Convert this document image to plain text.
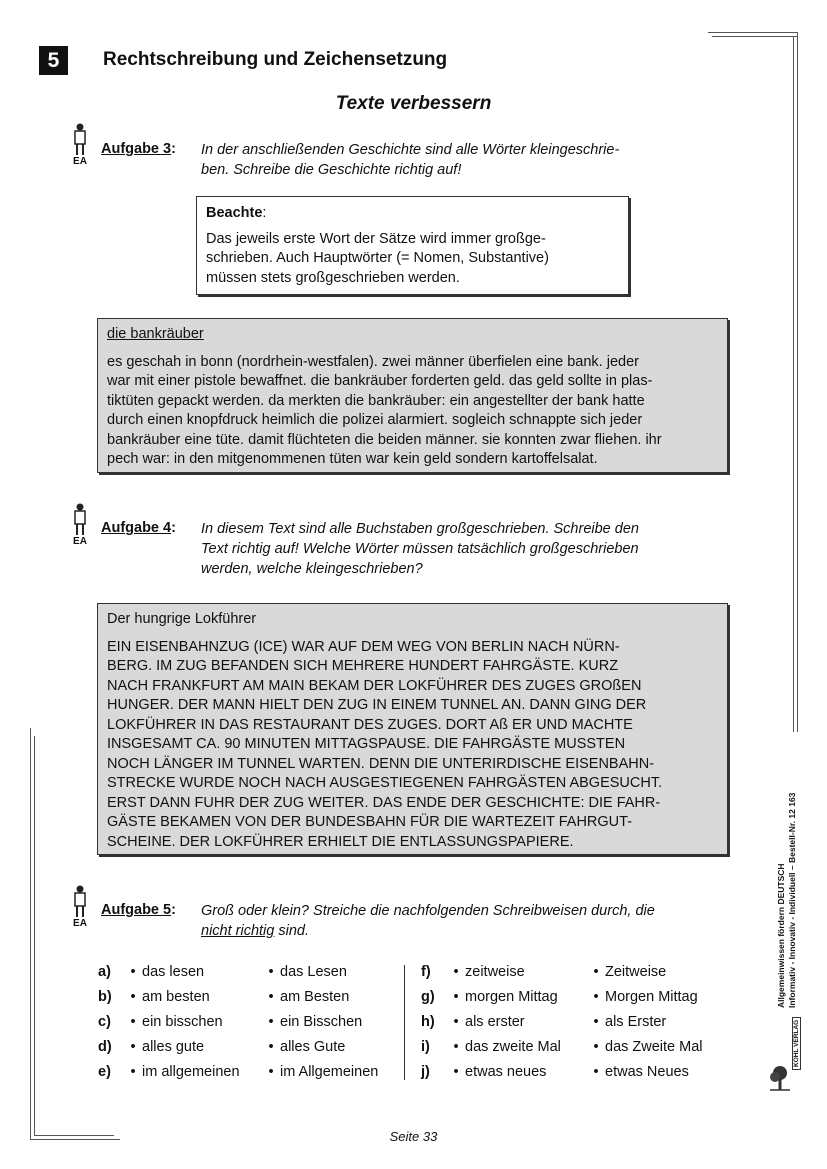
5 Rechtschreibung und Zeichensetzung
Texte verbessern
EA
Aufgabe 3: In der anschließenden Geschichte sind alle Wörter kleingeschrie-
ben. Schreibe die Geschichte richtig auf!
Beachte:
Das jeweils erste Wort der Sätze wird immer großge-
schrieben. Auch Hauptwörter (= Nomen, Substantive)
müssen stets großgeschrieben werden.
die bankräuber
es geschah in bonn (nordrhein-westfalen). zwei männer überfielen eine bank. jeder
war mit einer pistole bewaffnet. die bankräuber forderten geld. das geld sollte in plas-
tiktüten gepackt werden. da merkten die bankräuber: ein angestellter der bank hatte
durch einen knopfdruck heimlich die polizei alarmiert. sogleich schnappte sich jeder
bankräuber eine tüte. damit flüchteten die beiden männer. sie konnten zwar fliehen. ihr
pech war: in den mitgenommenen tüten war kein geld sondern kartoffelsalat.
EA
Aufgabe 4: In diesem Text sind alle Buchstaben großgeschrieben. Schreibe den
Text richtig auf! Welche Wörter müssen tatsächlich großgeschrieben
werden, welche kleingeschrieben?
Der hungrige Lokführer
EIN EISENBAHNZUG (ICE) WAR AUF DEM WEG VON BERLIN NACH NÜRN-
BERG. IM ZUG BEFANDEN SICH MEHRERE HUNDERT FAHRGÄSTE. KURZ
NACH FRANKFURT AM MAIN BEKAM DER LOKFÜHRER DES ZUGES GROßEN
HUNGER. DER MANN HIELT DEN ZUG IN EINEM TUNNEL AN. DANN GING DER
LOKFÜHRER IN DAS RESTAURANT DES ZUGES. DORT Aß ER UND MACHTE
INSGESAMT CA. 90 MINUTEN MITTAGSPAUSE. DIE FAHRGÄSTE MUSSTEN
NOCH LÄNGER IM TUNNEL WARTEN. DENN DIE UNTERIRDISCHE EISENBAHN-
STRECKE WURDE NOCH NACH AUSGESTIEGENEN FAHRGÄSTEN ABGESUCHT.
ERST DANN FUHR DER ZUG WEITER. DAS ENDE DER GESCHICHTE: DIE FAHR-
GÄSTE BEKAMEN VON DER BUNDESBAHN FÜR DIE WARTEZEIT FAHRGUT-
SCHEINE. DER LOKFÜHRER ERHIELT DIE ENTLASSUNGSPAPIERE.
EA
Aufgabe 5: Groß oder klein? Streiche die nachfolgenden Schreibweisen durch, die
nicht richtig sind.
a)	• das lesen	• das Lesen
b)	• am besten	• am Besten
c)	• ein bisschen	• ein Bisschen
d)	• alles gute	• alles Gute
e)	• im allgemeinen	• im Allgemeinen
f)	• zeitweise	• Zeitweise
g)	• morgen Mittag	• Morgen Mittag
h)	• als erster	• als Erster
i)	• das zweite Mal	• das Zweite Mal
j)	• etwas neues	• etwas Neues
Allgemeinwissen fördern DEUTSCH Informativ - Innovativ - Individuell – Bestell-Nr. 12 163
KOHL VERLAG
Seite 33
